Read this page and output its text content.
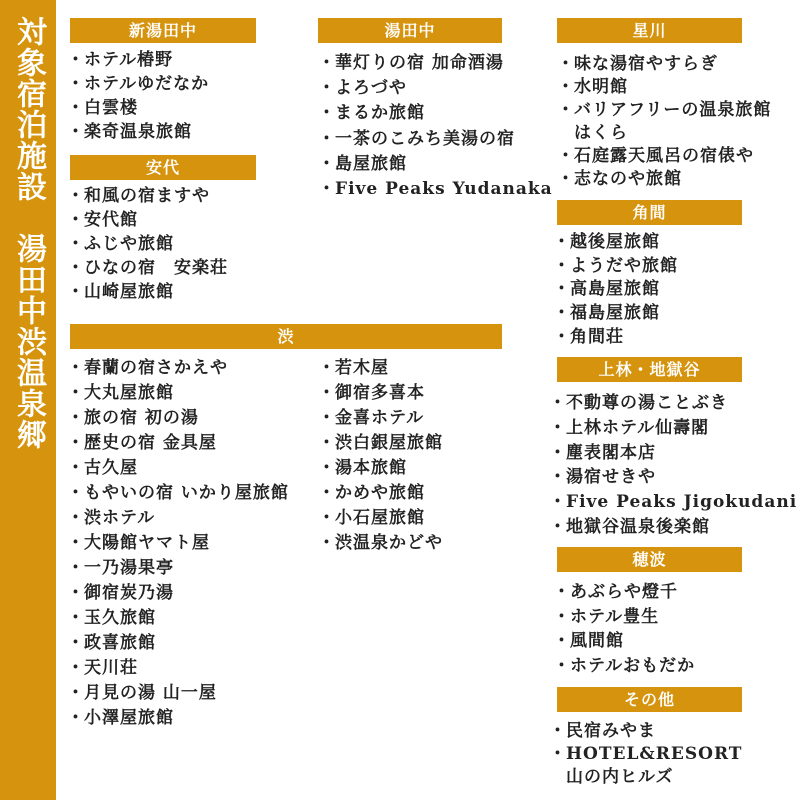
対象宿泊施設
湯田中渋温泉郷
新湯田中
・ ホテル椿野
・ ホテルゆだなか
・ 白雲楼
・ 楽奇温泉旅館
安代
・ 和風の宿ますや
・ 安代館
・ ふじや旅館
・ ひなの宿　安楽荘
・ 山崎屋旅館
湯田中
・ 華灯りの宿 加命酒湯
・ よろづや
・ まるか旅館
・ 一茶のこみち美湯の宿
・ 島屋旅館
・ Five Peaks Yudanaka
渋
・ 春蘭の宿さかえや
・ 大丸屋旅館
・ 旅の宿 初の湯
・ 歴史の宿 金具屋
・ 古久屋
・ もやいの宿 いかり屋旅館
・ 渋ホテル
・ 大陽館ヤマト屋
・ 一乃湯果亭
・ 御宿炭乃湯
・ 玉久旅館
・ 政喜旅館
・ 天川荘
・ 月見の湯 山一屋
・ 小澤屋旅館
・ 若木屋
・ 御宿多喜本
・ 金喜ホテル
・ 渋白銀屋旅館
・ 湯本旅館
・ かめや旅館
・ 小石屋旅館
・ 渋温泉かどや
星川
・ 味な湯宿やすらぎ
・ 水明館
・ バリアフリーの温泉旅館
はくら
・ 石庭露天風呂の宿俵や
・ 志なのや旅館
角間
・ 越後屋旅館
・ ようだや旅館
・ 高島屋旅館
・ 福島屋旅館
・ 角間荘
上林・地獄谷
・ 不動尊の湯ことぶき
・ 上林ホテル仙壽閣
・ 塵表閣本店
・ 湯宿せきや
・ Five Peaks Jigokudani
・ 地獄谷温泉後楽館
穂波
・ あぶらや燈千
・ ホテル豊生
・ 風間館
・ ホテルおもだか
その他
・ 民宿みやま
・ HOTEL&RESORT
山の内ヒルズ
